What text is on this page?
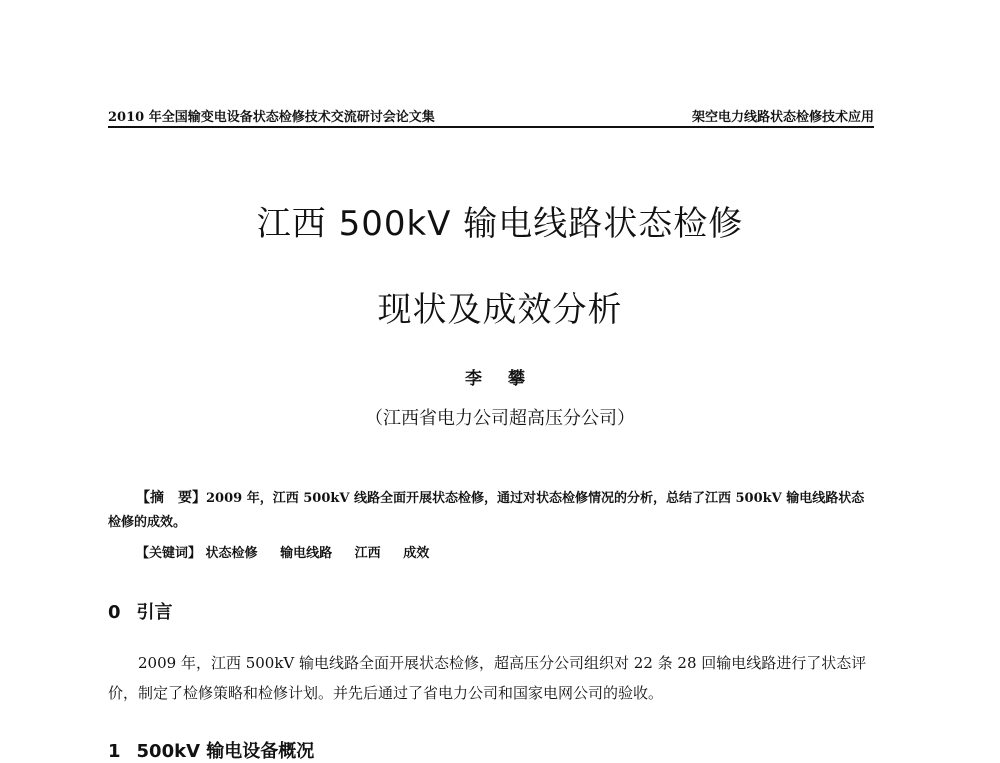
2010 年全国输变电设备状态检修技术交流研讨会论文集	架空电力线路状态检修技术应用
江西 500kV 输电线路状态检修
现状及成效分析
李 攀
（江西省电力公司超高压分公司）

【摘　要】2009 年，江西 500kV 线路全面开展状态检修，通过对状态检修情况的分析，总结了江西 500kV 输电线路状态检修的成效。

【关键词】 状态检修 输电线路 江西 成效
0 引言

2009 年，江西 500kV 输电线路全面开展状态检修，超高压分公司组织对 22 条 28 回输电线路进行了状态评价，制定了检修策略和检修计划。并先后通过了省电力公司和国家电网公司的验收。

1 500kV 输电设备概况
